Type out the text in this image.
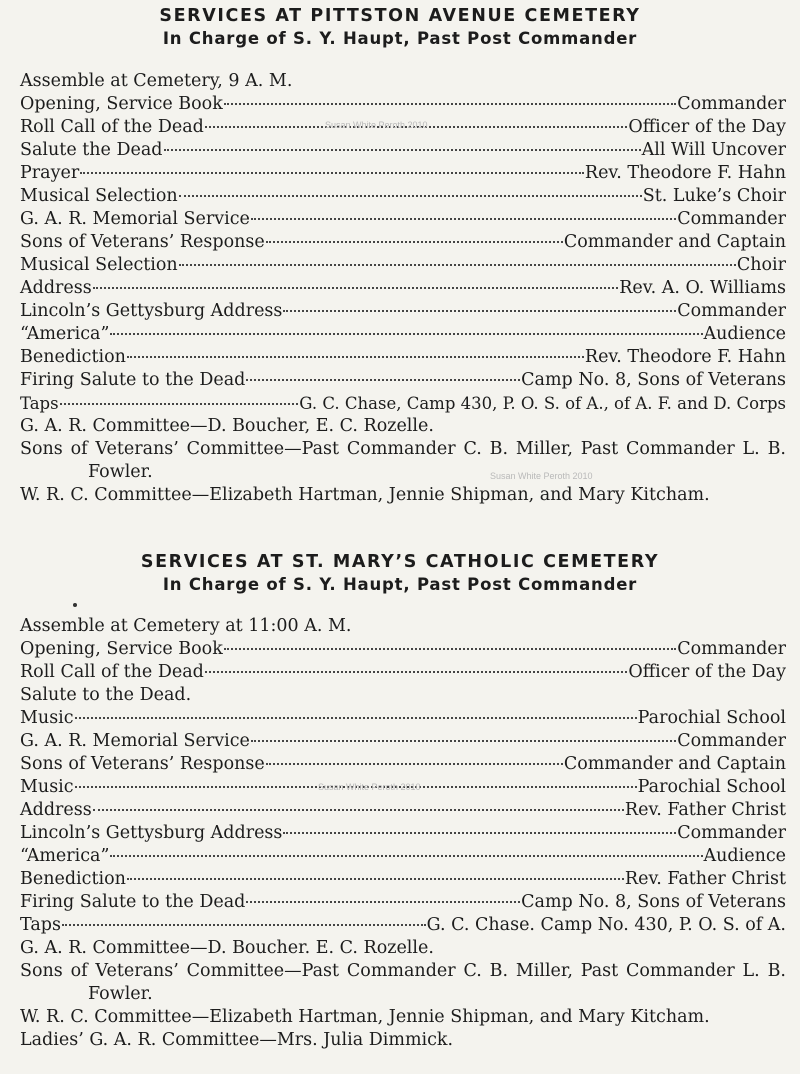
SERVICES AT PITTSTON AVENUE CEMETERY
In Charge of S. Y. Haupt, Past Post Commander
Assemble at Cemetery, 9 A. M.
Opening, Service Book	Commander
Roll Call of the Dead	Officer of the Day
Salute the Dead	All Will Uncover
Prayer	Rev. Theodore F. Hahn
Musical Selection	St. Luke’s Choir
G. A. R. Memorial Service	Commander
Sons of Veterans’ Response	Commander and Captain
Musical Selection	Choir
Address	Rev. A. O. Williams
Lincoln’s Gettysburg Address	Commander
“America”	Audience
Benediction	Rev. Theodore F. Hahn
Firing Salute to the Dead	Camp No. 8, Sons of Veterans
Taps	G. C. Chase, Camp 430, P. O. S. of A., of A. F. and D. Corps
G. A. R. Committee—D. Boucher, E. C. Rozelle.
Sons of Veterans’ Committee—Past Commander C. B. Miller, Past Commander L. B. Fowler.
W. R. C. Committee—Elizabeth Hartman, Jennie Shipman, and Mary Kitcham.
SERVICES AT ST. MARY’S CATHOLIC CEMETERY
In Charge of S. Y. Haupt, Past Post Commander
Assemble at Cemetery at 11:00 A. M.
Opening, Service Book	Commander
Roll Call of the Dead	Officer of the Day
Salute to the Dead.
Music	Parochial School
G. A. R. Memorial Service	Commander
Sons of Veterans’ Response	Commander and Captain
Music	Parochial School
Address	Rev. Father Christ
Lincoln’s Gettysburg Address	Commander
“America”	Audience
Benediction	Rev. Father Christ
Firing Salute to the Dead	Camp No. 8, Sons of Veterans
Taps	G. C. Chase. Camp No. 430, P. O. S. of A.
G. A. R. Committee—D. Boucher. E. C. Rozelle.
Sons of Veterans’ Committee—Past Commander C. B. Miller, Past Commander L. B. Fowler.
W. R. C. Committee—Elizabeth Hartman, Jennie Shipman, and Mary Kitcham.
Ladies’ G. A. R. Committee—Mrs. Julia Dimmick.
Susan White Peroth 2010
Susan White Peroth 2010
Susan White Peroth 2010
